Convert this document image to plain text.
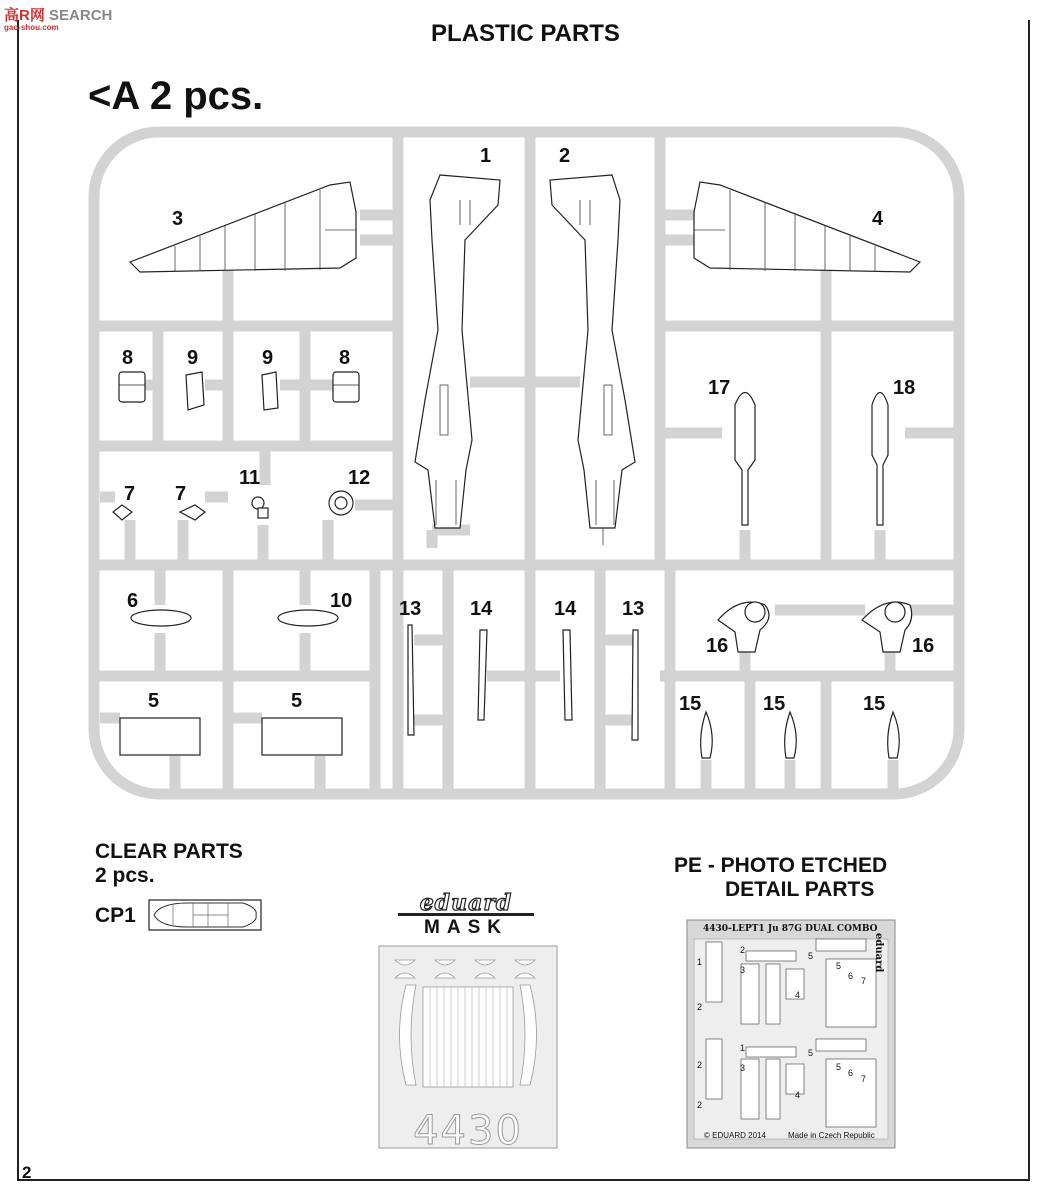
高R网 SEARCH
gao-shou.com	PLASTIC PARTS
<A 2 pcs.
1	2
3	4
8	9	9	8
17	18
7 7
11	12
6	10 13 14	14 13
16	16
5	5	15	15	15
CLEAR PARTS
2 pcs.
CP1	eduard
MASK
4430
PE - PHOTO ETCHED
DETAIL PARTS
4430-LEPT1 Ju 87G DUAL COMBO
eduard
© EDUARD 2014	Made in Czech Republic
1
2
2
3
4
5
5
6 7
1
2
2
3
4
5
5
6
7
2
